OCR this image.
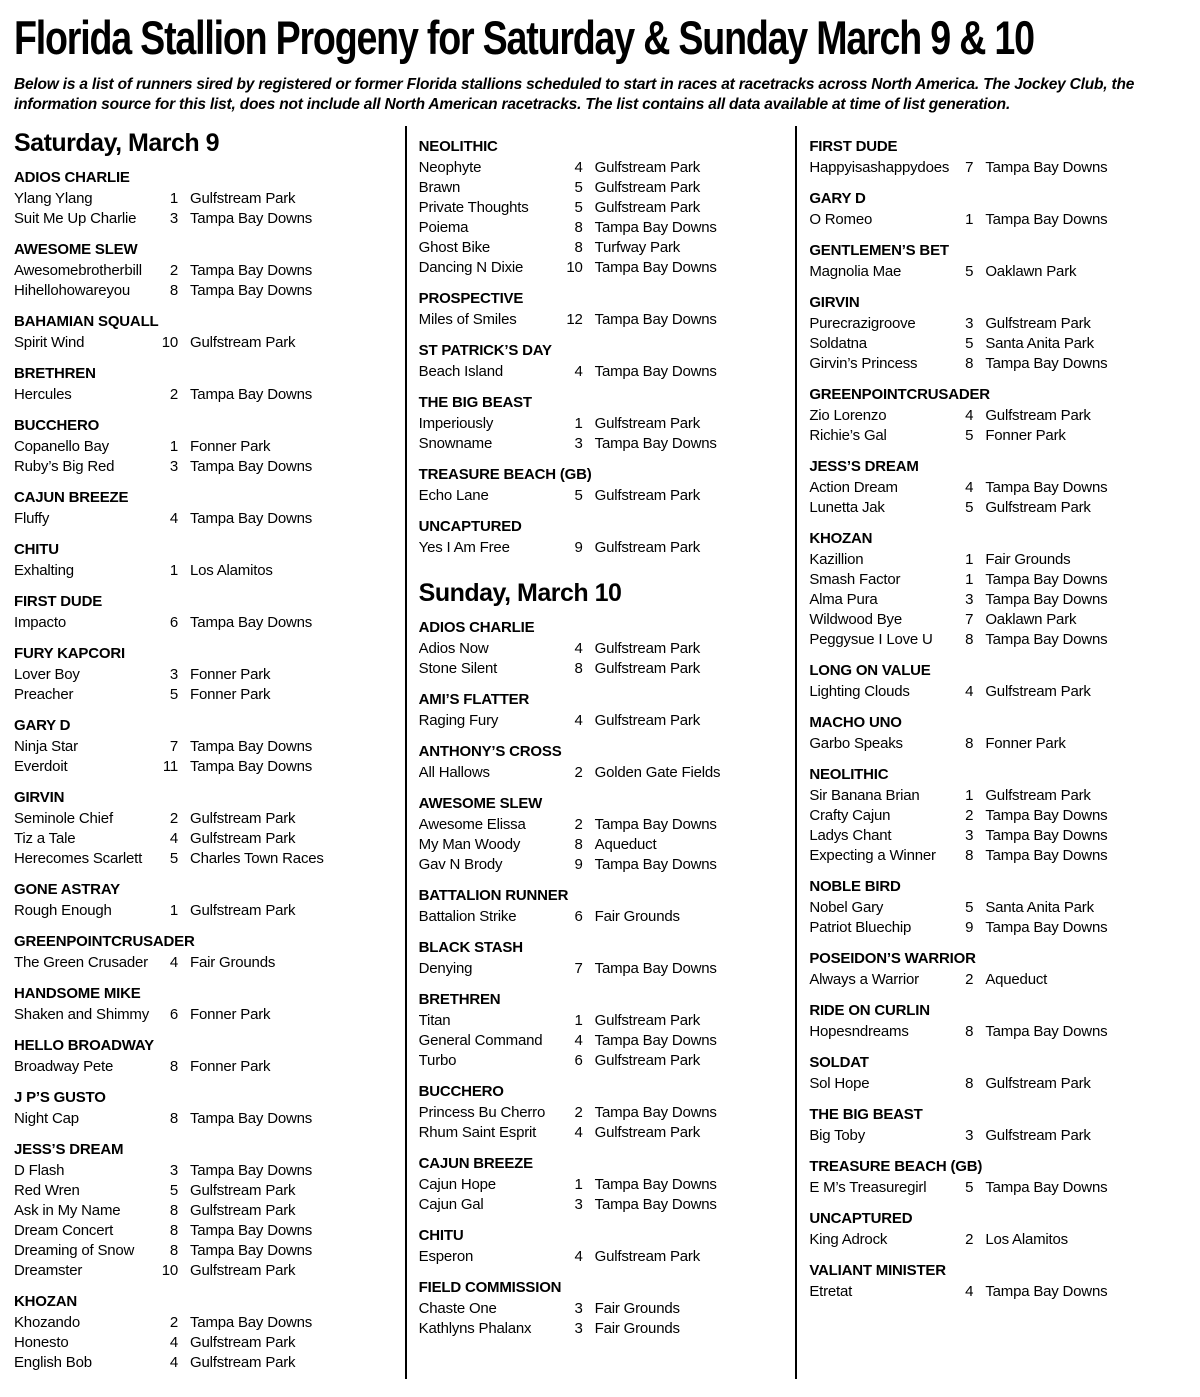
Florida Stallion Progeny for Saturday & Sunday March 9 & 10

Below is a list of runners sired by registered or former Florida stallions scheduled to start in races at racetracks across North America. The Jockey Club, the information source for this list, does not include all North American racetracks. The list contains all data available at time of list generation.

Saturday, March 9
ADIOS CHARLIE
Ylang Ylang	1 Gulfstream Park
Suit Me Up Charlie	3 Tampa Bay Downs
AWESOME SLEW
Awesomebrotherbill	2 Tampa Bay Downs
Hihellohowareyou	8 Tampa Bay Downs
BAHAMIAN SQUALL
Spirit Wind	10 Gulfstream Park
BRETHREN
Hercules	2 Tampa Bay Downs
BUCCHERO
Copanello Bay	1 Fonner Park
Ruby’s Big Red	3 Tampa Bay Downs
CAJUN BREEZE
Fluffy	4 Tampa Bay Downs
CHITU
Exhalting	1 Los Alamitos
FIRST DUDE
Impacto	6 Tampa Bay Downs
FURY KAPCORI
Lover Boy	3 Fonner Park
Preacher	5 Fonner Park
GARY D
Ninja Star	7 Tampa Bay Downs
Everdoit	11 Tampa Bay Downs
GIRVIN
Seminole Chief	2 Gulfstream Park
Tiz a Tale	4 Gulfstream Park
Herecomes Scarlett	5 Charles Town Races
GONE ASTRAY
Rough Enough	1 Gulfstream Park
GREENPOINTCRUSADER
The Green Crusader	4 Fair Grounds
HANDSOME MIKE
Shaken and Shimmy	6 Fonner Park
HELLO BROADWAY
Broadway Pete	8 Fonner Park
J P’S GUSTO
Night Cap	8 Tampa Bay Downs
JESS’S DREAM
D Flash	3 Tampa Bay Downs
Red Wren	5 Gulfstream Park
Ask in My Name	8 Gulfstream Park
Dream Concert	8 Tampa Bay Downs
Dreaming of Snow	8 Tampa Bay Downs
Dreamster	10 Gulfstream Park
KHOZAN
Khozando	2 Tampa Bay Downs
Honesto	4 Gulfstream Park
English Bob	4 Gulfstream Park
NEOLITHIC
Neophyte	4 Gulfstream Park
Brawn	5 Gulfstream Park
Private Thoughts	5 Gulfstream Park
Poiema	8 Tampa Bay Downs
Ghost Bike	8 Turfway Park
Dancing N Dixie	10 Tampa Bay Downs
PROSPECTIVE
Miles of Smiles	12 Tampa Bay Downs
ST PATRICK’S DAY
Beach Island	4 Tampa Bay Downs
THE BIG BEAST
Imperiously	1 Gulfstream Park
Snowname	3 Tampa Bay Downs
TREASURE BEACH (GB)
Echo Lane	5 Gulfstream Park
UNCAPTURED
Yes I Am Free	9 Gulfstream Park
Sunday, March 10
ADIOS CHARLIE
Adios Now	4 Gulfstream Park
Stone Silent	8 Gulfstream Park
AMI’S FLATTER
Raging Fury	4 Gulfstream Park
ANTHONY’S CROSS
All Hallows	2 Golden Gate Fields
AWESOME SLEW
Awesome Elissa	2 Tampa Bay Downs
My Man Woody	8 Aqueduct
Gav N Brody	9 Tampa Bay Downs
BATTALION RUNNER
Battalion Strike	6 Fair Grounds
BLACK STASH
Denying	7 Tampa Bay Downs
BRETHREN
Titan	1 Gulfstream Park
General Command	4 Tampa Bay Downs
Turbo	6 Gulfstream Park
BUCCHERO
Princess Bu Cherro	2 Tampa Bay Downs
Rhum Saint Esprit	4 Gulfstream Park
CAJUN BREEZE
Cajun Hope	1 Tampa Bay Downs
Cajun Gal	3 Tampa Bay Downs
CHITU
Esperon	4 Gulfstream Park
FIELD COMMISSION
Chaste One	3 Fair Grounds
Kathlyns Phalanx	3 Fair Grounds
FIRST DUDE
Happyisashappydoes	7 Tampa Bay Downs
GARY D
O Romeo	1 Tampa Bay Downs
GENTLEMEN’S BET
Magnolia Mae	5 Oaklawn Park
GIRVIN
Purecrazigroove	3 Gulfstream Park
Soldatna	5 Santa Anita Park
Girvin’s Princess	8 Tampa Bay Downs
GREENPOINTCRUSADER
Zio Lorenzo	4 Gulfstream Park
Richie’s Gal	5 Fonner Park
JESS’S DREAM
Action Dream	4 Tampa Bay Downs
Lunetta Jak	5 Gulfstream Park
KHOZAN
Kazillion	1 Fair Grounds
Smash Factor	1 Tampa Bay Downs
Alma Pura	3 Tampa Bay Downs
Wildwood Bye	7 Oaklawn Park
Peggysue I Love U	8 Tampa Bay Downs
LONG ON VALUE
Lighting Clouds	4 Gulfstream Park
MACHO UNO
Garbo Speaks	8 Fonner Park
NEOLITHIC
Sir Banana Brian	1 Gulfstream Park
Crafty Cajun	2 Tampa Bay Downs
Ladys Chant	3 Tampa Bay Downs
Expecting a Winner	8 Tampa Bay Downs
NOBLE BIRD
Nobel Gary	5 Santa Anita Park
Patriot Bluechip	9 Tampa Bay Downs
POSEIDON’S WARRIOR
Always a Warrior	2 Aqueduct
RIDE ON CURLIN
Hopesndreams	8 Tampa Bay Downs
SOLDAT
Sol Hope	8 Gulfstream Park
THE BIG BEAST
Big Toby	3 Gulfstream Park
TREASURE BEACH (GB)
E M’s Treasuregirl	5 Tampa Bay Downs
UNCAPTURED
King Adrock	2 Los Alamitos
VALIANT MINISTER
Etretat	4 Tampa Bay Downs
